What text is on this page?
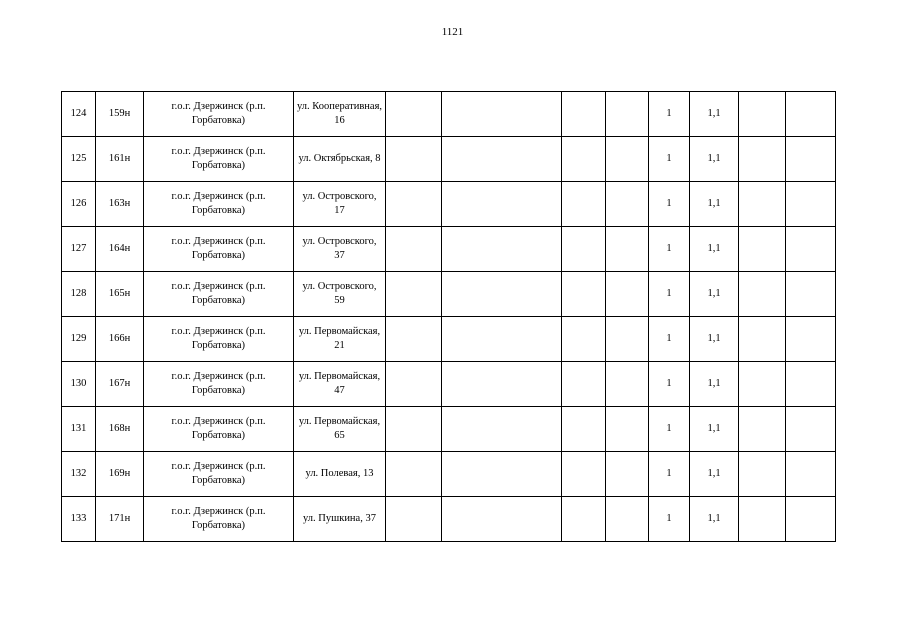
1121
124	159н	г.о.г. Дзержинск (р.п. Горбатовка)	ул. Кооперативная, 16					1	1,1		
125	161н	г.о.г. Дзержинск (р.п. Горбатовка)	ул. Октябрьская, 8					1	1,1		
126	163н	г.о.г. Дзержинск (р.п. Горбатовка)	ул. Островского, 17					1	1,1		
127	164н	г.о.г. Дзержинск (р.п. Горбатовка)	ул. Островского, 37					1	1,1		
128	165н	г.о.г. Дзержинск (р.п. Горбатовка)	ул. Островского, 59					1	1,1		
129	166н	г.о.г. Дзержинск (р.п. Горбатовка)	ул. Первомайская, 21					1	1,1		
130	167н	г.о.г. Дзержинск (р.п. Горбатовка)	ул. Первомайская, 47					1	1,1		
131	168н	г.о.г. Дзержинск (р.п. Горбатовка)	ул. Первомайская, 65					1	1,1		
132	169н	г.о.г. Дзержинск (р.п. Горбатовка)	ул. Полевая, 13					1	1,1		
133	171н	г.о.г. Дзержинск (р.п. Горбатовка)	ул. Пушкина, 37					1	1,1		
